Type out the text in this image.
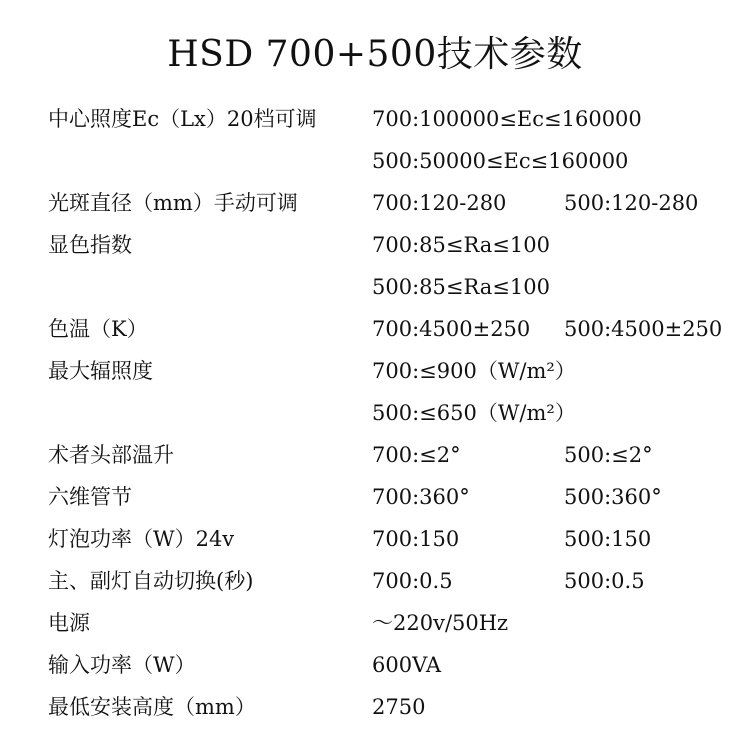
HSD 700+500技术参数
中心照度Ec（Lx）20档可调	700:100000≤Ec≤160000
500:50000≤Ec≤160000
光斑直径（mm）手动可调	700:120-280	500:120-280
显色指数	700:85≤Ra≤100
500:85≤Ra≤100
色温（K）	700:4500±250 500:4500±250
最大辐照度	700:≤900（W/m²）
500:≤650（W/m²）
术者头部温升	700:≤2°	500:≤2°
六维管节	700:360°	500:360°
灯泡功率（W）24v	700:150	500:150
主、副灯自动切换(秒)	700:0.5	500:0.5
电源	～220v/50Hz
输入功率（W）	600VA
最低安装高度（mm）	2750
